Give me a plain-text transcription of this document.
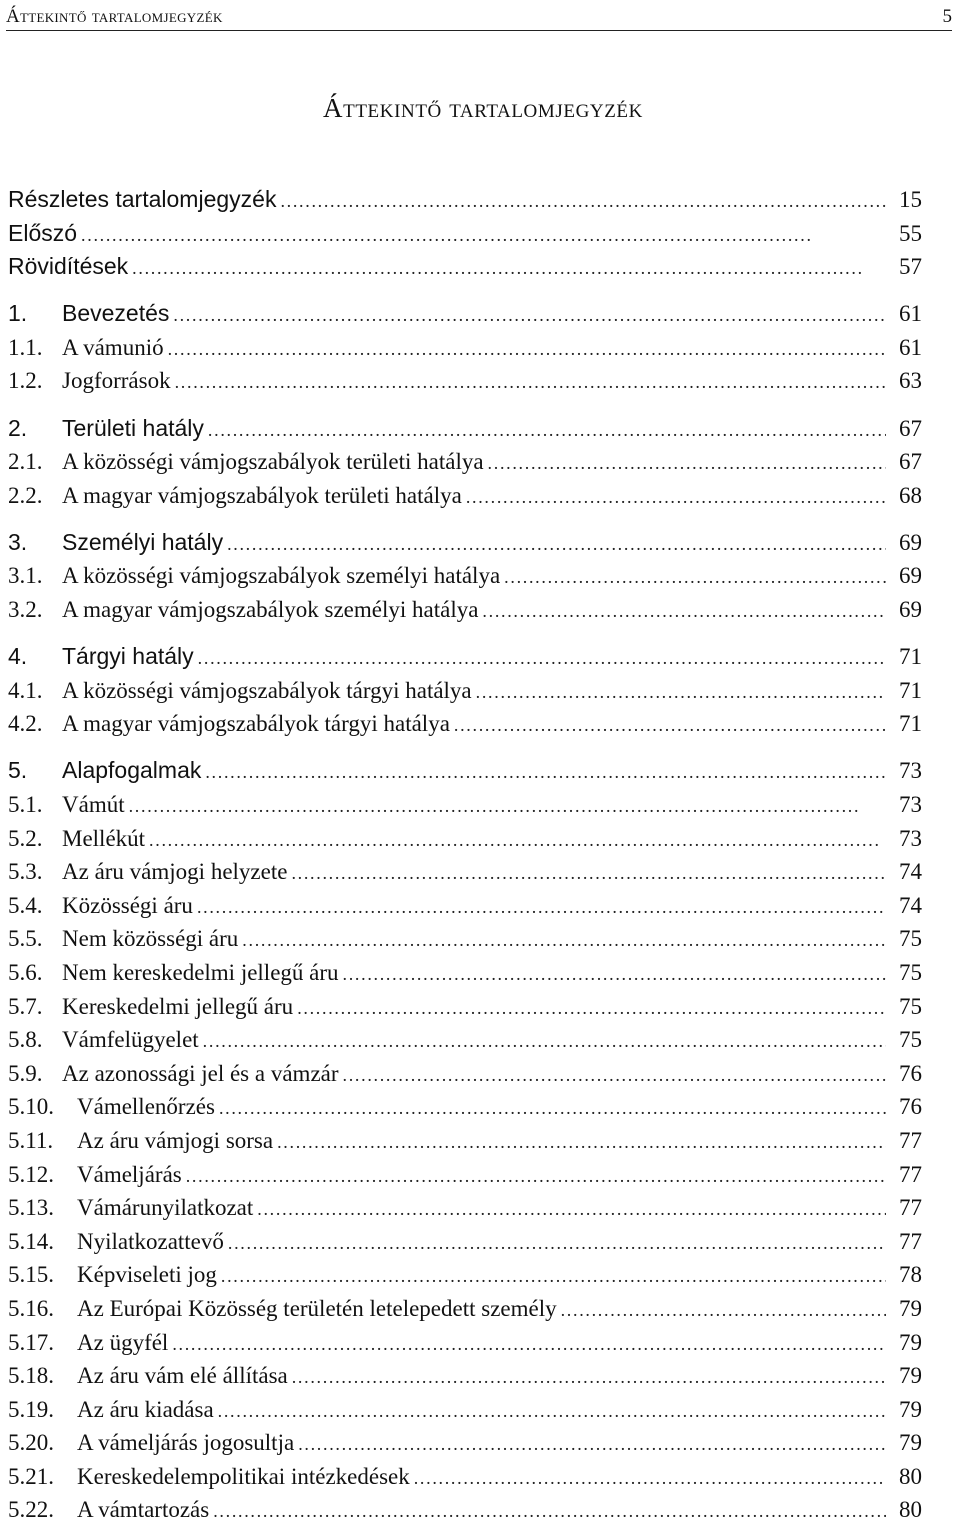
Áttekintő tartalomjegyzék	5
Áttekintő tartalomjegyzék
Részletes tartalomjegyzék . . .	15
Előszó . . .	55
Rövidítések . . .	57
1.	Bevezetés . . .	61
1.1. A vámunió . . .	61
1.2. Jogforrások . . .	63
2.	Területi hatály . . .	67
2.1. A közösségi vámjogszabályok területi hatálya . . .	67
2.2. A magyar vámjogszabályok területi hatálya . . .	68
3.	Személyi hatály . . .	69
3.1. A közösségi vámjogszabályok személyi hatálya . . .	69
3.2. A magyar vámjogszabályok személyi hatálya . . .	69
4.	Tárgyi hatály . . .	71
4.1. A közösségi vámjogszabályok tárgyi hatálya . . .	71
4.2. A magyar vámjogszabályok tárgyi hatálya . . .	71
5.	Alapfogalmak . . .	73
5.1. Vámút . . .	73
5.2. Mellékút . . .	73
5.3. Az áru vámjogi helyzete . . .	74
5.4. Közösségi áru . . .	74
5.5. Nem közösségi áru . . .	75
5.6. Nem kereskedelmi jellegű áru . . .	75
5.7. Kereskedelmi jellegű áru . . .	75
5.8. Vámfelügyelet . . .	75
5.9. Az azonossági jel és a vámzár . . .	76
5.10.	Vámellenőrzés . . .	76
5.11.	Az áru vámjogi sorsa . . .	77
5.12.	Vámeljárás . . .	77
5.13.	Vámárunyilatkozat . . .	77
5.14.	Nyilatkozattevő . . .	77
5.15.	Képviseleti jog . . .	78
5.16.	Az Európai Közösség területén letelepedett személy . . .	79
5.17.	Az ügyfél . . .	79
5.18.	Az áru vám elé állítása . . .	79
5.19.	Az áru kiadása . . .	79
5.20.	A vámeljárás jogosultja . . .	79
5.21.	Kereskedelempolitikai intézkedések . . .	80
5.22.	A vámtartozás . . .	80
